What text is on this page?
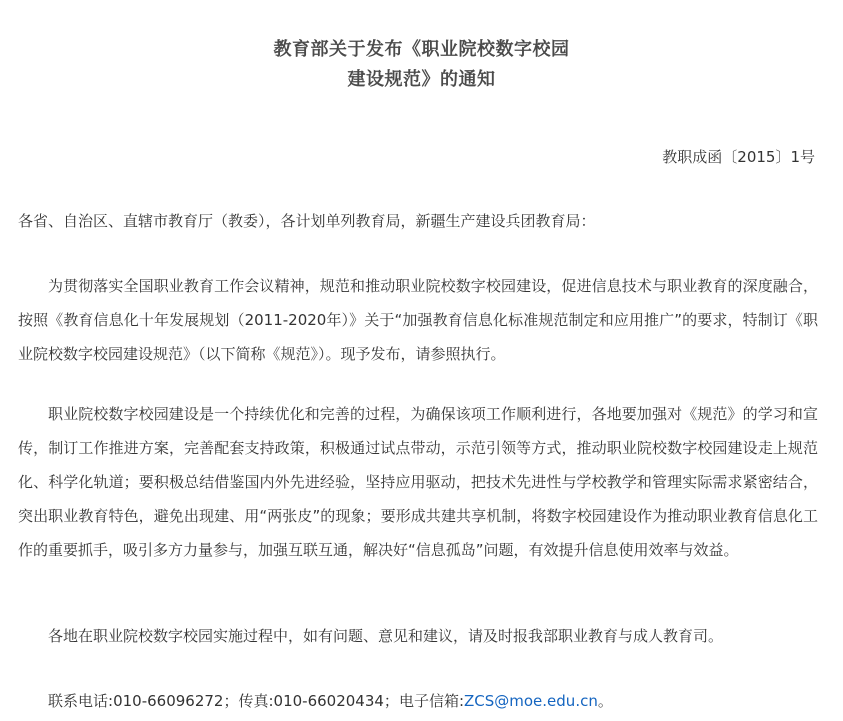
教育部关于发布《职业院校数字校园
建设规范》的通知
教职成函〔2015〕1号
各省、自治区、直辖市教育厅（教委），各计划单列教育局，新疆生产建设兵团教育局：
为贯彻落实全国职业教育工作会议精神，规范和推动职业院校数字校园建设，促进信息技术与职业教育的深度融合，按照《教育信息化十年发展规划（2011-2020年）》关于“加强教育信息化标准规范制定和应用推广”的要求，特制订《职业院校数字校园建设规范》（以下简称《规范》）。现予发布，请参照执行。
职业院校数字校园建设是一个持续优化和完善的过程，为确保该项工作顺利进行，各地要加强对《规范》的学习和宣传，制订工作推进方案，完善配套支持政策，积极通过试点带动，示范引领等方式，推动职业院校数字校园建设走上规范化、科学化轨道；要积极总结借鉴国内外先进经验，坚持应用驱动，把技术先进性与学校教学和管理实际需求紧密结合，突出职业教育特色，避免出现建、用“两张皮”的现象；要形成共建共享机制，将数字校园建设作为推动职业教育信息化工作的重要抓手，吸引多方力量参与，加强互联互通，解决好“信息孤岛”问题，有效提升信息使用效率与效益。
各地在职业院校数字校园实施过程中，如有问题、意见和建议，请及时报我部职业教育与成人教育司。
联系电话:010-66096272；传真:010-66020434；电子信箱:ZCS@moe.edu.cn。
